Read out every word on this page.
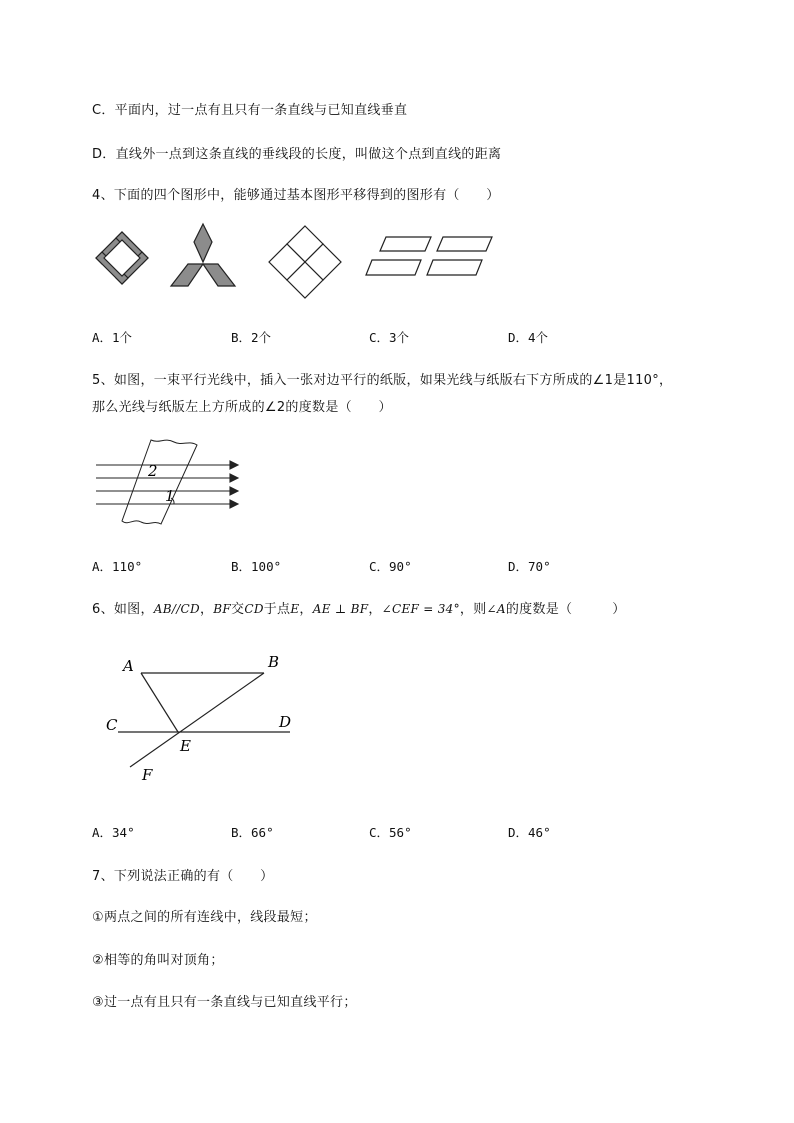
C．平面内，过一点有且只有一条直线与已知直线垂直
D．直线外一点到这条直线的垂线段的长度，叫做这个点到直线的距离
4、下面的四个图形中，能够通过基本图形平移得到的图形有（　　）
A．1个	B．2个	C．3个	D．4个
5、如图，一束平行光线中，插入一张对边平行的纸版，如果光线与纸版右下方所成的∠1是110°，
那么光线与纸版左上方所成的∠2的度数是（　　）
2
1
A．110°	B．100°	C．90°	D．70°
6、如图，AB//CD，BF交CD于点E，AE ⊥ BF，∠CEF = 34°，则∠A的度数是（　　　）
A	B
C	D
E
F
A．34°	B．66°	C．56°	D．46°
7、下列说法正确的有（　　）
①两点之间的所有连线中，线段最短；
②相等的角叫对顶角；
③过一点有且只有一条直线与已知直线平行；
